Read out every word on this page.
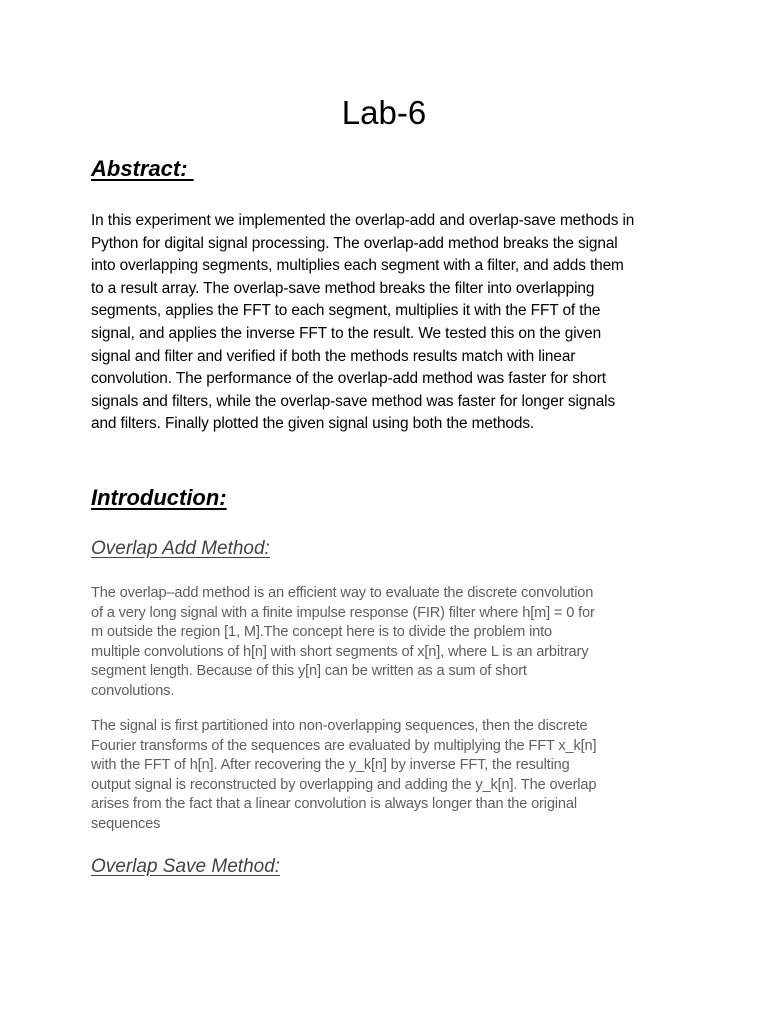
Lab-6
Abstract:

In this experiment we implemented the overlap-add and overlap-save methods in
Python for digital signal processing. The overlap-add method breaks the signal
into overlapping segments, multiplies each segment with a filter, and adds them
to a result array. The overlap-save method breaks the filter into overlapping
segments, applies the FFT to each segment, multiplies it with the FFT of the
signal, and applies the inverse FFT to the result. We tested this on the given
signal and filter and verified if both the methods results match with linear
convolution. The performance of the overlap-add method was faster for short
signals and filters, while the overlap-save method was faster for longer signals
and filters. Finally plotted the given signal using both the methods.

Introduction:
Overlap Add Method:

The overlap–add method is an efficient way to evaluate the discrete convolution
of a very long signal with a finite impulse response (FIR) filter where h[m] = 0 for
m outside the region [1, M].The concept here is to divide the problem into
multiple convolutions of h[n] with short segments of x[n], where L is an arbitrary
segment length. Because of this y[n] can be written as a sum of short
convolutions.

The signal is first partitioned into non-overlapping sequences, then the discrete
Fourier transforms of the sequences are evaluated by multiplying the FFT x_k[n]
with the FFT of h[n]. After recovering the y_k[n] by inverse FFT, the resulting
output signal is reconstructed by overlapping and adding the y_k[n]. The overlap
arises from the fact that a linear convolution is always longer than the original
sequences

Overlap Save Method:
